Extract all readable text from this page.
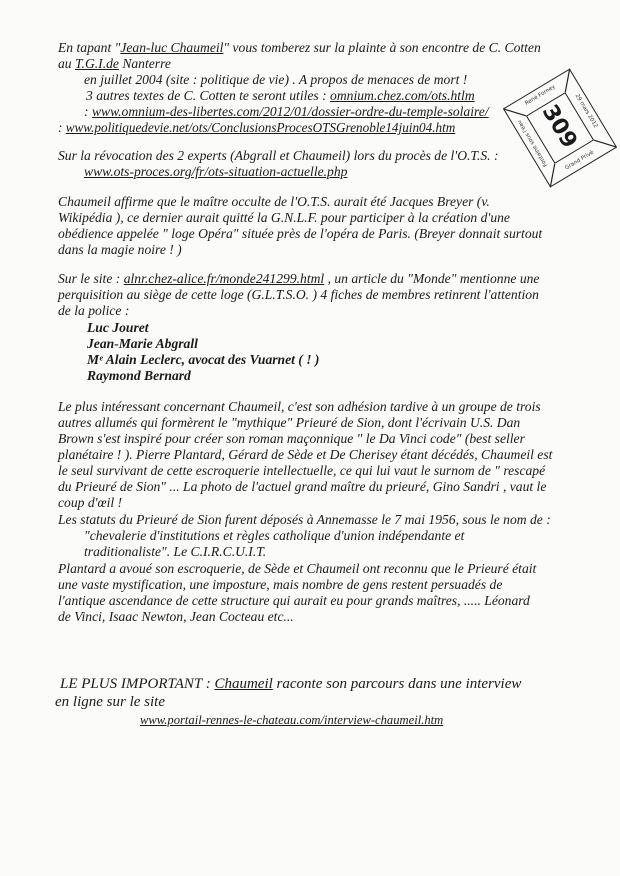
En tapant "Jean-luc Chaumeil" vous tomberez sur la plainte à son encontre de C. Cotten
au T.G.I.de Nanterre
en juillet 2004 (site : politique de vie) . A propos de menaces de mort !
3 autres textes de C. Cotten te seront utiles : omnium.chez.com/ots.htlm
: www.omnium-des-libertes.com/2012/01/dossier-ordre-du-temple-solaire/
: www.politiquedevie.net/ots/ConclusionsProcesOTSGrenoble14juin04.htm
Sur la révocation des 2 experts (Abgrall et Chaumeil) lors du procès de l'O.T.S. :
www.ots-proces.org/fr/ots-situation-actuelle.php
Chaumeil affirme que le maître occulte de l'O.T.S. aurait été Jacques Breyer (v.
Wikipédia ), ce dernier aurait quitté la G.N.L.F. pour participer à la création d'une
obédience appelée " loge Opéra" située près de l'opéra de Paris. (Breyer donnait surtout
dans la magie noire ! )
Sur le site : alnr.chez-alice.fr/monde241299.html , un article du "Monde" mentionne une
perquisition au siège de cette loge (G.L.T.S.O. ) 4 fiches de membres retinrent l'attention
de la police :
Luc Jouret
Jean-Marie Abgrall
Mᵉ Alain Leclerc, avocat des Vuarnet ( ! )
Raymond Bernard
Le plus intéressant concernant Chaumeil, c'est son adhésion tardive à un groupe de trois
autres allumés qui formèrent le "mythique" Prieuré de Sion, dont l'écrivain U.S. Dan
Brown s'est inspiré pour créer son roman maçonnique " le Da Vinci code" (best seller
planétaire ! ). Pierre Plantard, Gérard de Sède et De Cherisey étant décédés, Chaumeil est
le seul survivant de cette escroquerie intellectuelle, ce qui lui vaut le surnom de " rescapé
du Prieuré de Sion" ... La photo de l'actuel grand maître du prieuré, Gino Sandri , vaut le
coup d'œil !
Les statuts du Prieuré de Sion furent déposés à Annemasse le 7 mai 1956, sous le nom de :
"chevalerie d'institutions et règles catholique d'union indépendante et
traditionaliste". Le C.I.R.C.U.I.T.
Plantard a avoué son escroquerie, de Sède et Chaumeil ont reconnu que le Prieuré était
une vaste mystification, une imposture, mais nombre de gens restent persuadés de
l'antique ascendance de cette structure qui aurait eu pour grands maîtres, ..... Léonard
de Vinci, Isaac Newton, Jean Cocteau etc...
LE PLUS IMPORTANT : Chaumeil raconte son parcours dans une interview
en ligne sur le site
www.portail-rennes-le-chateau.com/interview-chaumeil.htm
René Forney	29 mars 2012
Fontaine sous l'eau	Grand Privé
309
